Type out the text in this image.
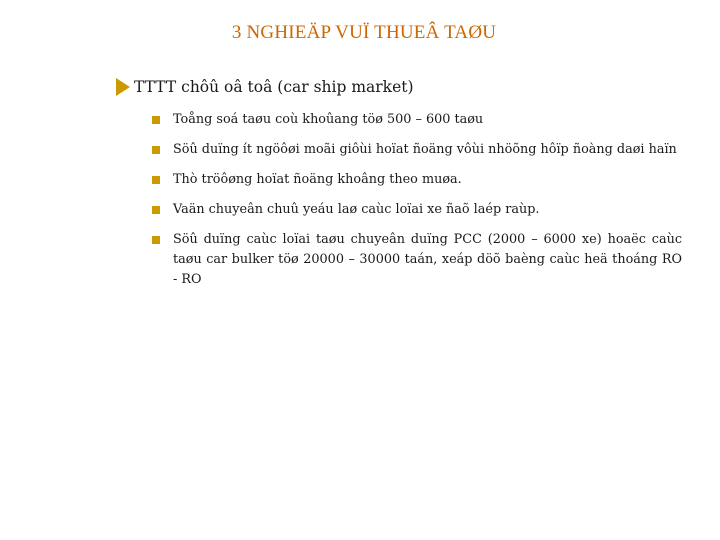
3 NGHIEÄP VUÏ THUEÂ TAØU
TTTT chôû oâ toâ (car ship market)
Toång soá taøu coù khoûang töø 500 – 600 taøu
Söû duïng ít ngöôøi moãi giôùi hoïat ñoäng vôùi nhöõng hôïp ñoàng daøi haïn
Thò tröôøng hoïat ñoäng khoâng theo muøa.
Vaän chuyeân chuû yeáu laø caùc loïai xe ñaõ laép raùp.
Söû duïng caùc loïai taøu chuyeân duïng PCC (2000 – 6000 xe) hoaëc caùc taøu car bulker töø 20000 – 30000 taán, xeáp döõ baèng caùc heä thoáng RO - RO
